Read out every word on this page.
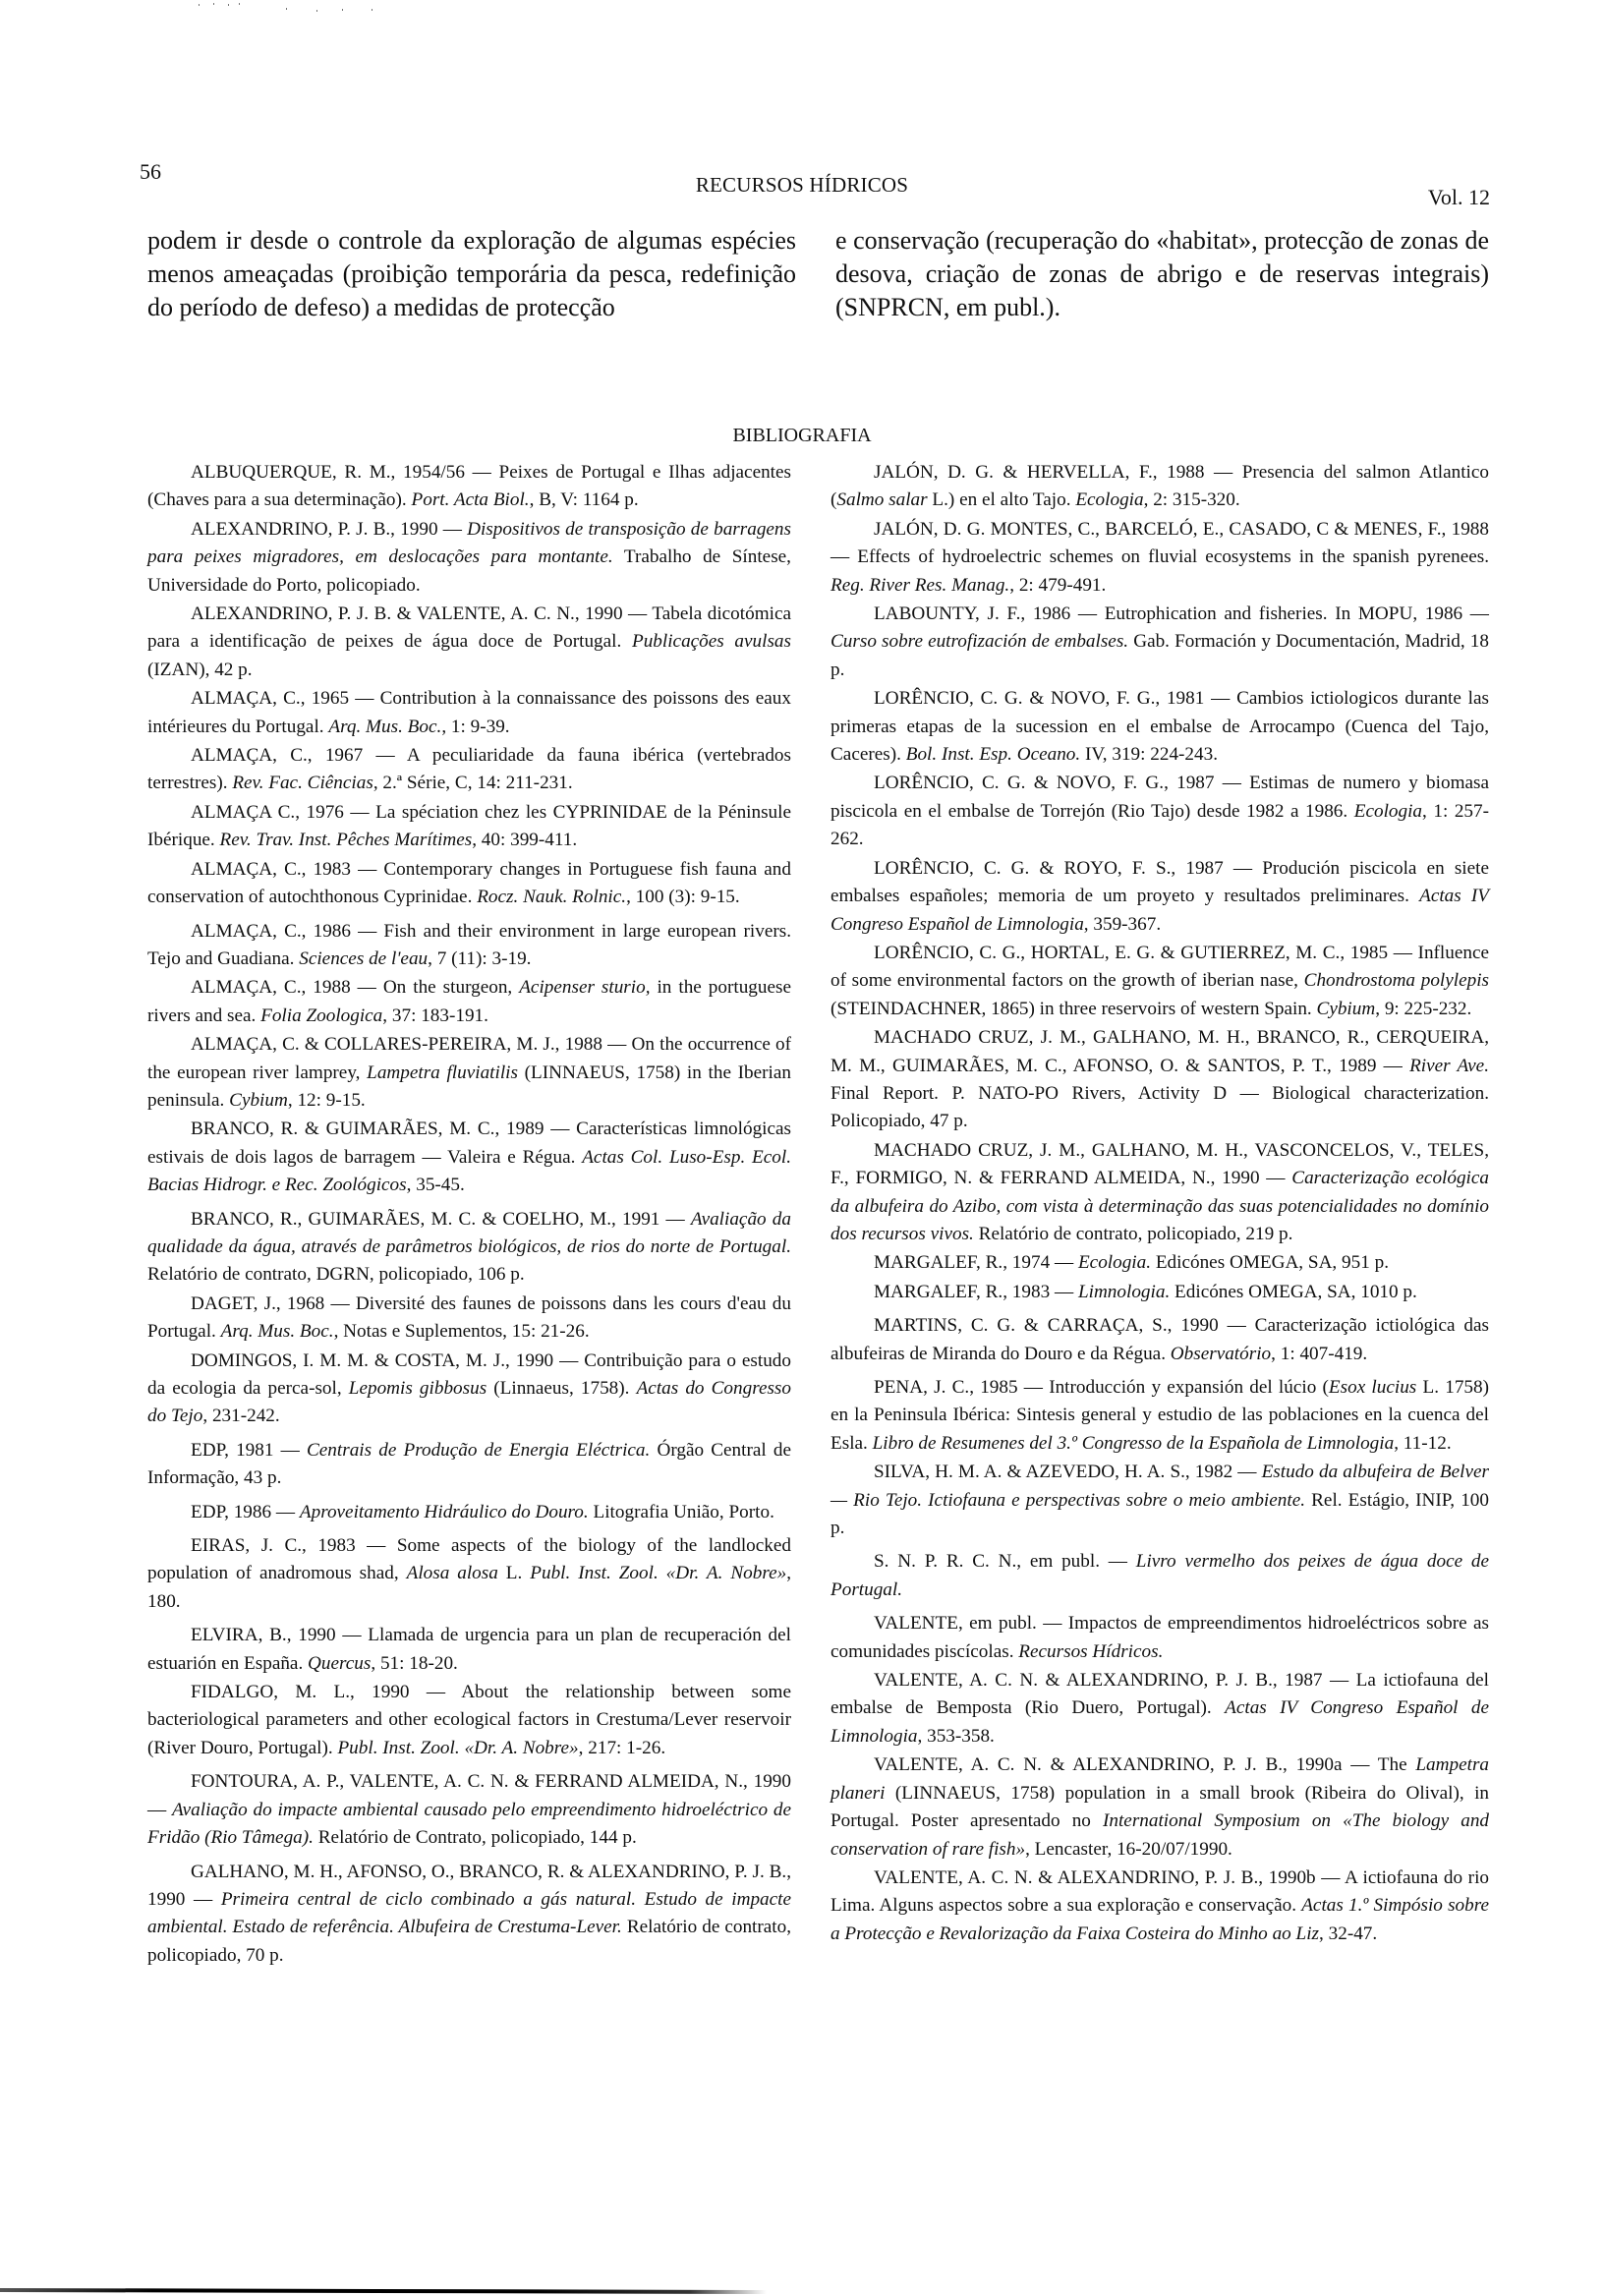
56
RECURSOS HÍDRICOS	Vol. 12
podem ir desde o controle da exploração de algumas espécies menos ameaçadas (proibição temporária da pesca, redefinição do período de defeso) a medidas de protecção
e conservação (recuperação do «habitat», protecção de zonas de desova, criação de zonas de abrigo e de reservas integrais) (SNPRCN, em publ.).
BIBLIOGRAFIA

ALBUQUERQUE, R. M., 1954/56 — Peixes de Portugal e Ilhas adjacentes (Chaves para a sua determinação). Port. Acta Biol., B, V: 1164 p.

ALEXANDRINO, P. J. B., 1990 — Dispositivos de transposição de barragens para peixes migradores, em deslocações para montante. Trabalho de Síntese, Universidade do Porto, policopiado.

ALEXANDRINO, P. J. B. & VALENTE, A. C. N., 1990 — Tabela dicotómica para a identificação de peixes de água doce de Portugal. Publicações avulsas (IZAN), 42 p.

ALMAÇA, C., 1965 — Contribution à la connaissance des poissons des eaux intérieures du Portugal. Arq. Mus. Boc., 1: 9-39.

ALMAÇA, C., 1967 — A peculiaridade da fauna ibérica (vertebrados terrestres). Rev. Fac. Ciências, 2.ª Série, C, 14: 211-231.

ALMAÇA C., 1976 — La spéciation chez les CYPRINIDAE de la Péninsule Ibérique. Rev. Trav. Inst. Pêches Marítimes, 40: 399-411.

ALMAÇA, C., 1983 — Contemporary changes in Portuguese fish fauna and conservation of autochthonous Cyprinidae. Rocz. Nauk. Rolnic., 100 (3): 9-15.

ALMAÇA, C., 1986 — Fish and their environment in large european rivers. Tejo and Guadiana. Sciences de l'eau, 7 (11): 3-19.

ALMAÇA, C., 1988 — On the sturgeon, Acipenser sturio, in the portuguese rivers and sea. Folia Zoologica, 37: 183-191.

ALMAÇA, C. & COLLARES-PEREIRA, M. J., 1988 — On the occurrence of the european river lamprey, Lampetra fluviatilis (LINNAEUS, 1758) in the Iberian peninsula. Cybium, 12: 9-15.

BRANCO, R. & GUIMARÃES, M. C., 1989 — Características limnológicas estivais de dois lagos de barragem — Valeira e Régua. Actas Col. Luso-Esp. Ecol. Bacias Hidrogr. e Rec. Zoológicos, 35-45.

BRANCO, R., GUIMARÃES, M. C. & COELHO, M., 1991 — Avaliação da qualidade da água, através de parâmetros biológicos, de rios do norte de Portugal. Relatório de contrato, DGRN, policopiado, 106 p.

DAGET, J., 1968 — Diversité des faunes de poissons dans les cours d'eau du Portugal. Arq. Mus. Boc., Notas e Suplementos, 15: 21-26.

DOMINGOS, I. M. M. & COSTA, M. J., 1990 — Contribuição para o estudo da ecologia da perca-sol, Lepomis gibbosus (Linnaeus, 1758). Actas do Congresso do Tejo, 231-242.

EDP, 1981 — Centrais de Produção de Energia Eléctrica. Órgão Central de Informação, 43 p.

EDP, 1986 — Aproveitamento Hidráulico do Douro. Litografia União, Porto.

EIRAS, J. C., 1983 — Some aspects of the biology of the landlocked population of anadromous shad, Alosa alosa L. Publ. Inst. Zool. «Dr. A. Nobre», 180.

ELVIRA, B., 1990 — Llamada de urgencia para un plan de recuperación del estuarión en España. Quercus, 51: 18-20.

FIDALGO, M. L., 1990 — About the relationship between some bacteriological parameters and other ecological factors in Crestuma/Lever reservoir (River Douro, Portugal). Publ. Inst. Zool. «Dr. A. Nobre», 217: 1-26.

FONTOURA, A. P., VALENTE, A. C. N. & FERRAND ALMEIDA, N., 1990 — Avaliação do impacte ambiental causado pelo empreendimento hidroeléctrico de Fridão (Rio Tâmega). Relatório de Contrato, policopiado, 144 p.

GALHANO, M. H., AFONSO, O., BRANCO, R. & ALEXANDRINO, P. J. B., 1990 — Primeira central de ciclo combinado a gás natural. Estudo de impacte ambiental. Estado de referência. Albufeira de Crestuma-Lever. Relatório de contrato, policopiado, 70 p.

JALÓN, D. G. & HERVELLA, F., 1988 — Presencia del salmon Atlantico (Salmo salar L.) en el alto Tajo. Ecologia, 2: 315-320.

JALÓN, D. G. MONTES, C., BARCELÓ, E., CASADO, C & MENES, F., 1988 — Effects of hydroelectric schemes on fluvial ecosystems in the spanish pyrenees. Reg. River Res. Manag., 2: 479-491.

LABOUNTY, J. F., 1986 — Eutrophication and fisheries. In MOPU, 1986 — Curso sobre eutrofización de embalses. Gab. Formación y Documentación, Madrid, 18 p.

LORÊNCIO, C. G. & NOVO, F. G., 1981 — Cambios ictiologicos durante las primeras etapas de la sucession en el embalse de Arrocampo (Cuenca del Tajo, Caceres). Bol. Inst. Esp. Oceano. IV, 319: 224-243.

LORÊNCIO, C. G. & NOVO, F. G., 1987 — Estimas de numero y biomasa piscicola en el embalse de Torrejón (Rio Tajo) desde 1982 a 1986. Ecologia, 1: 257-262.

LORÊNCIO, C. G. & ROYO, F. S., 1987 — Produción piscicola en siete embalses españoles; memoria de um proyeto y resultados preliminares. Actas IV Congreso Español de Limnologia, 359-367.

LORÊNCIO, C. G., HORTAL, E. G. & GUTIERREZ, M. C., 1985 — Influence of some environmental factors on the growth of iberian nase, Chondrostoma polylepis (STEINDACHNER, 1865) in three reservoirs of western Spain. Cybium, 9: 225-232.

MACHADO CRUZ, J. M., GALHANO, M. H., BRANCO, R., CERQUEIRA, M. M., GUIMARÃES, M. C., AFONSO, O. & SANTOS, P. T., 1989 — River Ave. Final Report. P. NATO-PO Rivers, Activity D — Biological characterization. Policopiado, 47 p.

MACHADO CRUZ, J. M., GALHANO, M. H., VASCONCELOS, V., TELES, F., FORMIGO, N. & FERRAND ALMEIDA, N., 1990 — Caracterização ecológica da albufeira do Azibo, com vista à determinação das suas potencialidades no domínio dos recursos vivos. Relatório de contrato, policopiado, 219 p.

MARGALEF, R., 1974 — Ecologia. Edicónes OMEGA, SA, 951 p.

MARGALEF, R., 1983 — Limnologia. Edicónes OMEGA, SA, 1010 p.

MARTINS, C. G. & CARRAÇA, S., 1990 — Caracterização ictiológica das albufeiras de Miranda do Douro e da Régua. Observatório, 1: 407-419.

PENA, J. C., 1985 — Introducción y expansión del lúcio (Esox lucius L. 1758) en la Peninsula Ibérica: Sintesis general y estudio de las poblaciones en la cuenca del Esla. Libro de Resumenes del 3.º Congresso de la Española de Limnologia, 11-12.

SILVA, H. M. A. & AZEVEDO, H. A. S., 1982 — Estudo da albufeira de Belver — Rio Tejo. Ictiofauna e perspectivas sobre o meio ambiente. Rel. Estágio, INIP, 100 p.

S. N. P. R. C. N., em publ. — Livro vermelho dos peixes de água doce de Portugal.

VALENTE, em publ. — Impactos de empreendimentos hidroeléctricos sobre as comunidades piscícolas. Recursos Hídricos.

VALENTE, A. C. N. & ALEXANDRINO, P. J. B., 1987 — La ictiofauna del embalse de Bemposta (Rio Duero, Portugal). Actas IV Congreso Español de Limnologia, 353-358.

VALENTE, A. C. N. & ALEXANDRINO, P. J. B., 1990a — The Lampetra planeri (LINNAEUS, 1758) population in a small brook (Ribeira do Olival), in Portugal. Poster apresentado no International Symposium on «The biology and conservation of rare fish», Lencaster, 16-20/07/1990.

VALENTE, A. C. N. & ALEXANDRINO, P. J. B., 1990b — A ictiofauna do rio Lima. Alguns aspectos sobre a sua exploração e conservação. Actas 1.º Simpósio sobre a Protecção e Revalorização da Faixa Costeira do Minho ao Liz, 32-47.
